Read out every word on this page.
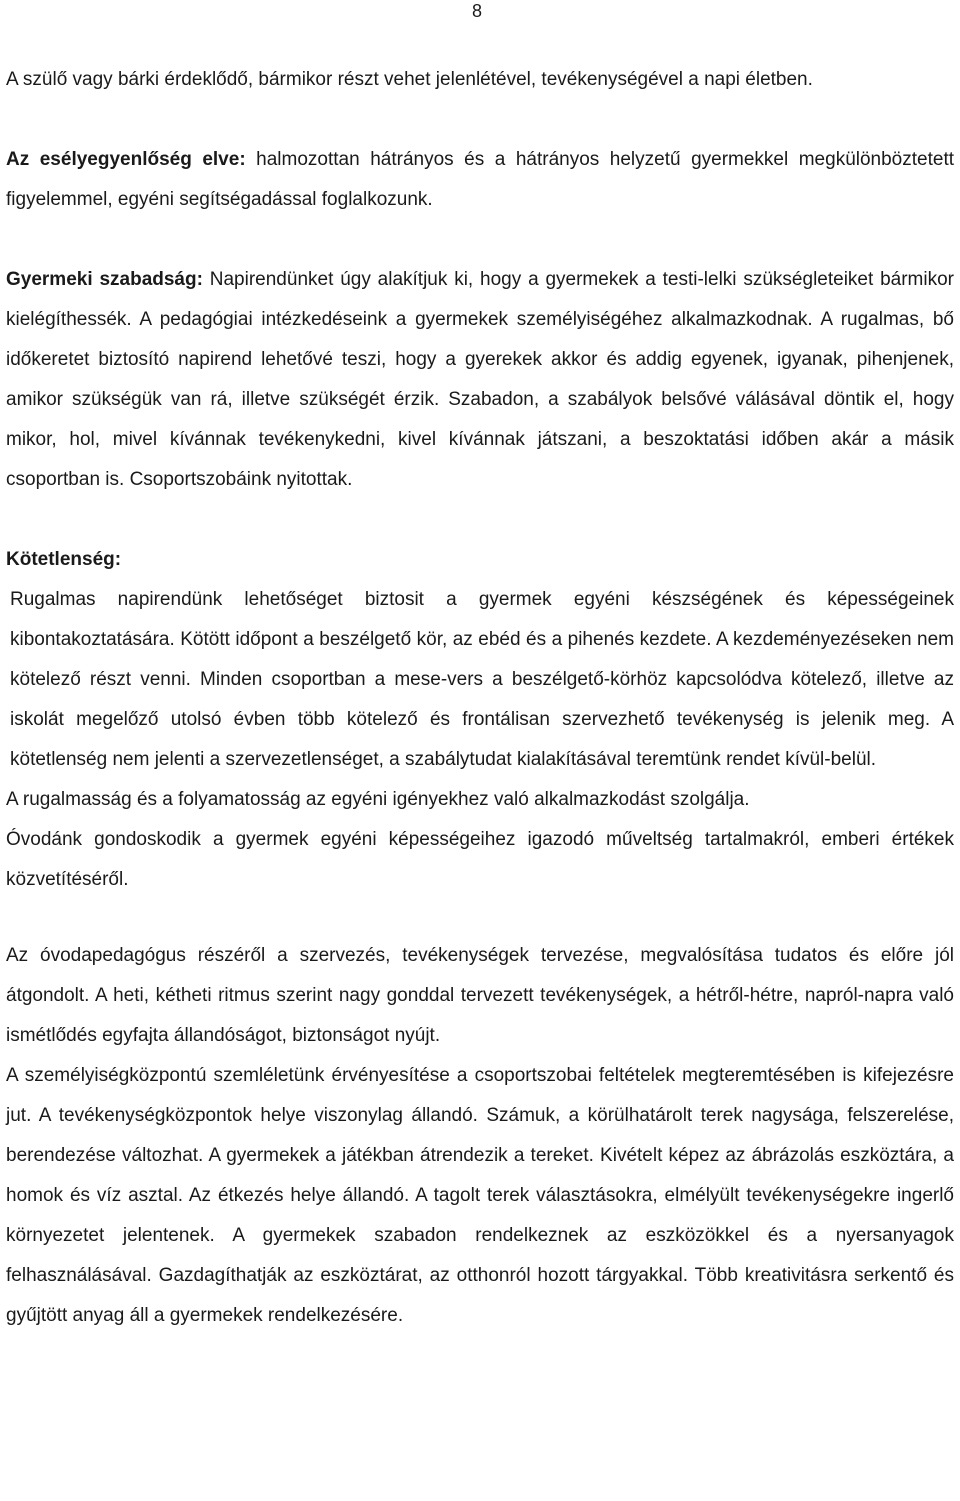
8

A szülő vagy bárki érdeklődő, bármikor részt vehet jelenlétével, tevékenységével a napi életben.

Az esélyegyenlőség elve: halmozottan hátrányos és a hátrányos helyzetű gyermekkel megkülönböztetett figyelemmel, egyéni segítségadással foglalkozunk.

Gyermeki szabadság: Napirendünket úgy alakítjuk ki, hogy a gyermekek a testi-lelki szükségleteiket bármikor kielégíthessék. A pedagógiai intézkedéseink a gyermekek személyiségéhez alkalmazkodnak. A rugalmas, bő időkeretet biztosító napirend lehetővé teszi, hogy a gyerekek akkor és addig egyenek, igyanak, pihenjenek, amikor szükségük van rá, illetve szükségét érzik. Szabadon, a szabályok belsővé válásával döntik el, hogy mikor, hol, mivel kívánnak tevékenykedni, kivel kívánnak játszani, a beszoktatási időben akár a másik csoportban is. Csoportszobáink nyitottak.

Kötetlenség:

Rugalmas napirendünk lehetőséget biztosit a gyermek egyéni készségének és képességeinek kibontakoztatására. Kötött időpont a beszélgető kör, az ebéd és a pihenés kezdete. A kezdeményezéseken nem kötelező részt venni. Minden csoportban a mese-vers a beszélgető-körhöz kapcsolódva kötelező, illetve az iskolát megelőző utolsó évben több kötelező és frontálisan szervezhető tevékenység is jelenik meg. A kötetlenség nem jelenti a szervezetlenséget, a szabálytudat kialakításával teremtünk rendet kívül-belül.

A rugalmasság és a folyamatosság az egyéni igényekhez való alkalmazkodást szolgálja.

Óvodánk gondoskodik a gyermek egyéni képességeihez igazodó műveltség tartalmakról, emberi értékek közvetítéséről.

Az óvodapedagógus részéről a szervezés, tevékenységek tervezése, megvalósítása tudatos és előre jól átgondolt. A heti, kétheti ritmus szerint nagy gonddal tervezett tevékenységek, a hétről-hétre, napról-napra való ismétlődés egyfajta állandóságot, biztonságot nyújt.

A személyiségközpontú szemléletünk érvényesítése a csoportszobai feltételek megteremtésében is kifejezésre jut. A tevékenységközpontok helye viszonylag állandó. Számuk, a körülhatárolt terek nagysága, felszerelése, berendezése változhat. A gyermekek a játékban átrendezik a tereket. Kivételt képez az ábrázolás eszköztára, a homok és víz asztal. Az étkezés helye állandó. A tagolt terek választásokra, elmélyült tevékenységekre ingerlő környezetet jelentenek. A gyermekek szabadon rendelkeznek az eszközökkel és a nyersanyagok felhasználásával. Gazdagíthatják az eszköztárat, az otthonról hozott tárgyakkal. Több kreativitásra serkentő és gyűjtött anyag áll a gyermekek rendelkezésére.
